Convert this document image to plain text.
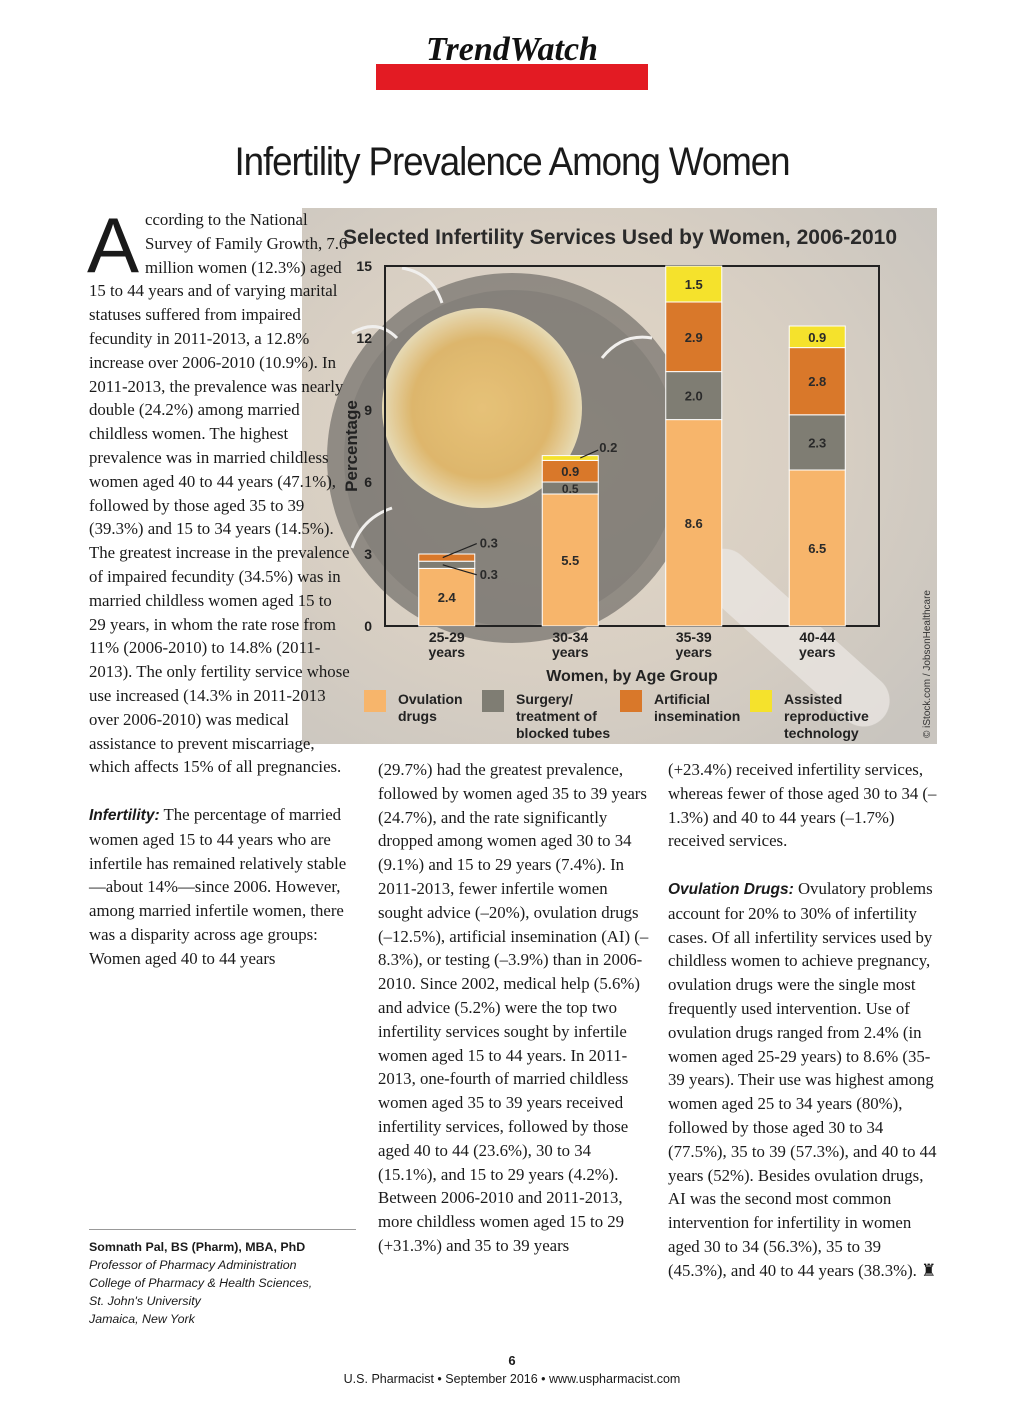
TrendWatch
Infertility Prevalence Among Women
Selected Infertility Services Used by Women, 2006-2010
0
3
6
9
12
15
Percentage
2.4
0.3
0.3
25-29
years
5.5
0.5
0.9
0.2
30-34
years
8.6
2.0
2.9
1.5
35-39
years
6.5
2.3
2.8
0.9
40-44
years
Women, by Age Group
Ovulation
drugs
Surgery/
treatment of
blocked tubes
Artificial
insemination
Assisted
reproductive
technology	© iStock.com / JobsonHealthcare

According to the National Survey of Family Growth, 7.6 million women (12.3%) aged 15 to 44 years and of varying marital statuses suffered from impaired fecundity in 2011-2013, a 12.8% increase over 2006-2010 (10.9%). In 2011-2013, the prevalence was nearly double (24.2%) among married childless women. The highest prevalence was in married childless women aged 40 to 44 years (47.1%), followed by those aged 35 to 39 (39.3%) and 15 to 34 years (14.5%). The greatest increase in the prevalence of impaired fecundity (34.5%) was in married childless women aged 15 to 29 years, in whom the rate rose from 11% (2006-2010) to 14.8% (2011-2013). The only fertility service whose use increased (14.3% in 2011-2013 over 2006-2010) was medical assistance to prevent miscarriage, which affects 15% of all pregnancies.

Infertility: The percentage of married women aged 15 to 44 years who are infertile has remained relatively stable—about 14%—since 2006. However, among married infertile women, there was a disparity across age groups: Women aged 40 to 44 years

Somnath Pal, BS (Pharm), MBA, PhD
Professor of Pharmacy Administration
College of Pharmacy & Health Sciences,
St. John's University
Jamaica, New York

(29.7%) had the greatest prevalence, followed by women aged 35 to 39 years (24.7%), and the rate significantly dropped among women aged 30 to 34 (9.1%) and 15 to 29 years (7.4%). In 2011-2013, fewer infertile women sought advice (–20%), ovulation drugs (–12.5%), artificial insemination (AI) (–8.3%), or testing (–3.9%) than in 2006-2010. Since 2002, medical help (5.6%) and advice (5.2%) were the top two infertility services sought by infertile women aged 15 to 44 years. In 2011-2013, one-fourth of married childless women aged 35 to 39 years received infertility services, followed by those aged 40 to 44 (23.6%), 30 to 34 (15.1%), and 15 to 29 years (4.2%). Between 2006-2010 and 2011-2013, more childless women aged 15 to 29 (+31.3%) and 35 to 39 years

(+23.4%) received infertility services, whereas fewer of those aged 30 to 34 (–1.3%) and 40 to 44 years (–1.7%) received services.

Ovulation Drugs: Ovulatory problems account for 20% to 30% of infertility cases. Of all infertility services used by childless women to achieve pregnancy, ovulation drugs were the single most frequently used intervention. Use of ovulation drugs ranged from 2.4% (in women aged 25-29 years) to 8.6% (35-39 years). Their use was highest among women aged 25 to 34 years (80%), followed by those aged 30 to 34 (77.5%), 35 to 39 (57.3%), and 40 to 44 years (52%). Besides ovulation drugs, AI was the second most common intervention for infertility in women aged 30 to 34 (56.3%), 35 to 39 (45.3%), and 40 to 44 years (38.3%). ♜

6
U.S. Pharmacist • September 2016 • www.uspharmacist.com
